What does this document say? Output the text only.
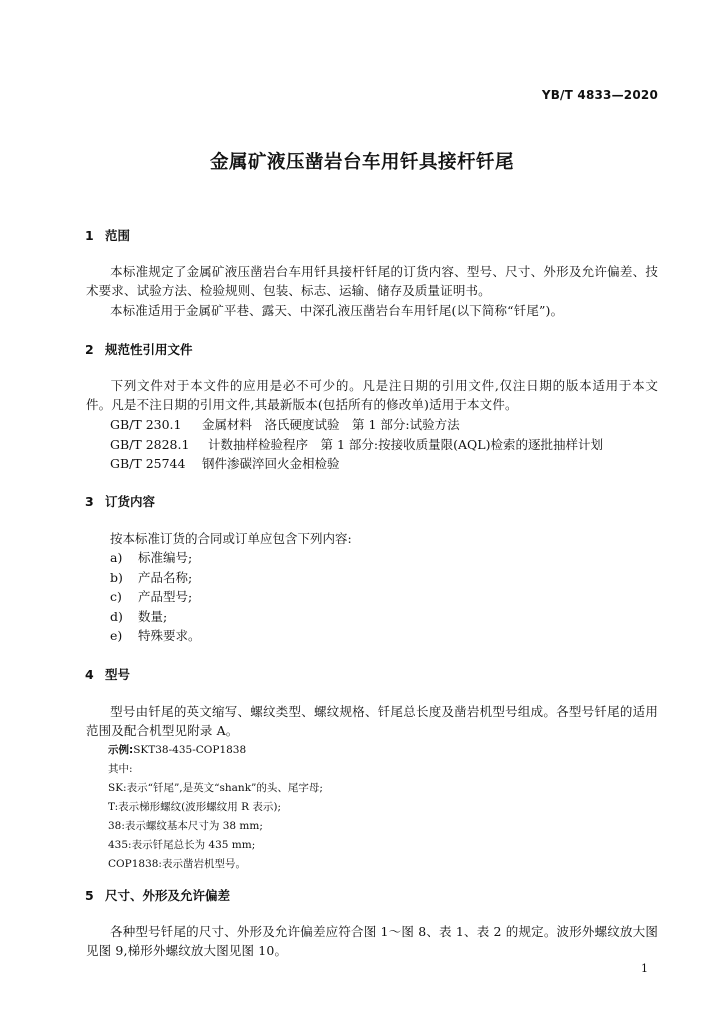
YB/T 4833—2020
金属矿液压凿岩台车用钎具接杆钎尾
1 范围
本标准规定了金属矿液压凿岩台车用钎具接杆钎尾的订货内容、型号、尺寸、外形及允许偏差、技术要求、试验方法、检验规则、包装、标志、运输、储存及质量证明书。
本标准适用于金属矿平巷、露天、中深孔液压凿岩台车用钎尾(以下简称“钎尾”)。
2 规范性引用文件
下列文件对于本文件的应用是必不可少的。凡是注日期的引用文件,仅注日期的版本适用于本文件。凡是不注日期的引用文件,其最新版本(包括所有的修改单)适用于本文件。
GB/T 230.1 金属材料　洛氏硬度试验　第 1 部分:试验方法
GB/T 2828.1 计数抽样检验程序　第 1 部分:按接收质量限(AQL)检索的逐批抽样计划
GB/T 25744 钢件渗碳淬回火金相检验
3 订货内容
按本标准订货的合同或订单应包含下列内容:
a) 标准编号;
b) 产品名称;
c) 产品型号;
d) 数量;
e) 特殊要求。
4 型号
型号由钎尾的英文缩写、螺纹类型、螺纹规格、钎尾总长度及凿岩机型号组成。各型号钎尾的适用范围及配合机型见附录 A。
示例:SKT38-435-COP1838
其中:
SK:表示“钎尾”,是英文“shank”的头、尾字母;
T:表示梯形螺纹(波形螺纹用 R 表示);
38:表示螺纹基本尺寸为 38 mm;
435:表示钎尾总长为 435 mm;
COP1838:表示凿岩机型号。
5 尺寸、外形及允许偏差
各种型号钎尾的尺寸、外形及允许偏差应符合图 1～图 8、表 1、表 2 的规定。波形外螺纹放大图见图 9,梯形外螺纹放大图见图 10。
1
